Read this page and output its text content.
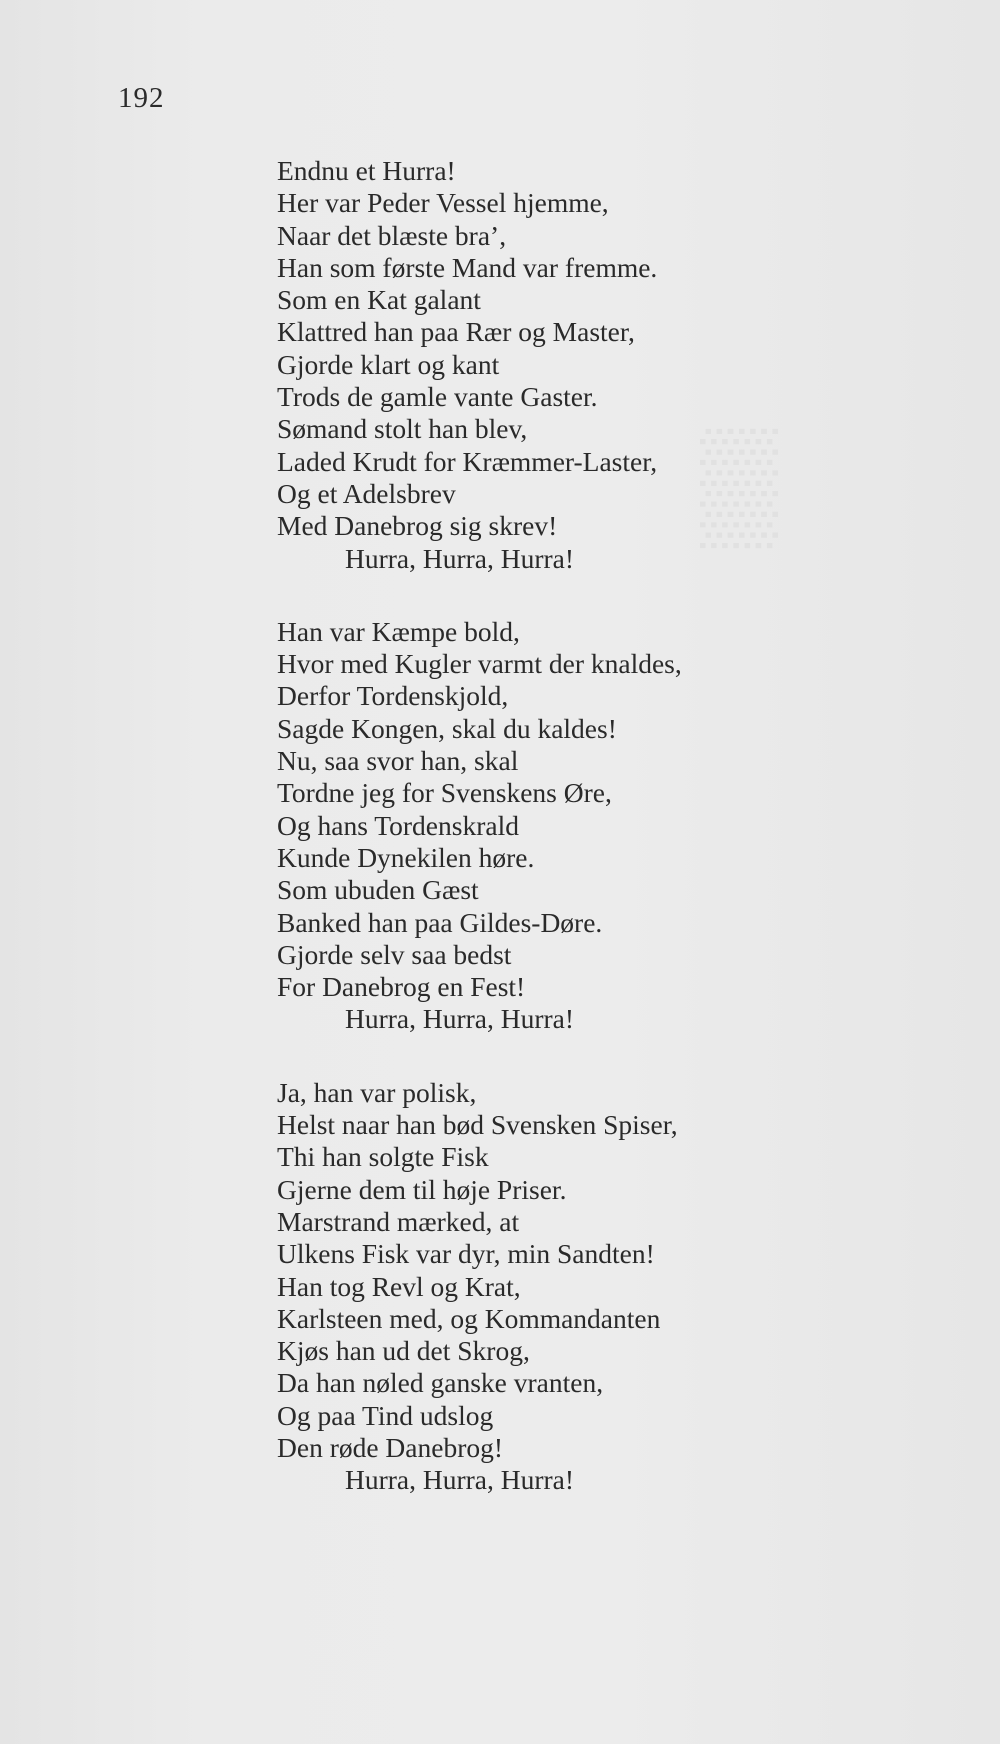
▒
192
Endnu et Hurra!
Her var Peder Vessel hjemme,
Naar det blæste bra’,
Han som første Mand var fremme.
Som en Kat galant
Klattred han paa Rær og Master,
Gjorde klart og kant
Trods de gamle vante Gaster.
Sømand stolt han blev,
Laded Krudt for Kræmmer-Laster,
Og et Adelsbrev
Med Danebrog sig skrev!
Hurra, Hurra, Hurra!
Han var Kæmpe bold,
Hvor med Kugler varmt der knaldes,
Derfor Tordenskjold,
Sagde Kongen, skal du kaldes!
Nu, saa svor han, skal
Tordne jeg for Svenskens Øre,
Og hans Tordenskrald
Kunde Dynekilen høre.
Som ubuden Gæst
Banked han paa Gildes-Døre.
Gjorde selv saa bedst
For Danebrog en Fest!
Hurra, Hurra, Hurra!
Ja, han var polisk,
Helst naar han bød Svensken Spiser,
Thi han solgte Fisk
Gjerne dem til høje Priser.
Marstrand mærked, at
Ulkens Fisk var dyr, min Sandten!
Han tog Revl og Krat,
Karlsteen med, og Kommandanten
Kjøs han ud det Skrog,
Da han nøled ganske vranten,
Og paa Tind udslog
Den røde Danebrog!
Hurra, Hurra, Hurra!
